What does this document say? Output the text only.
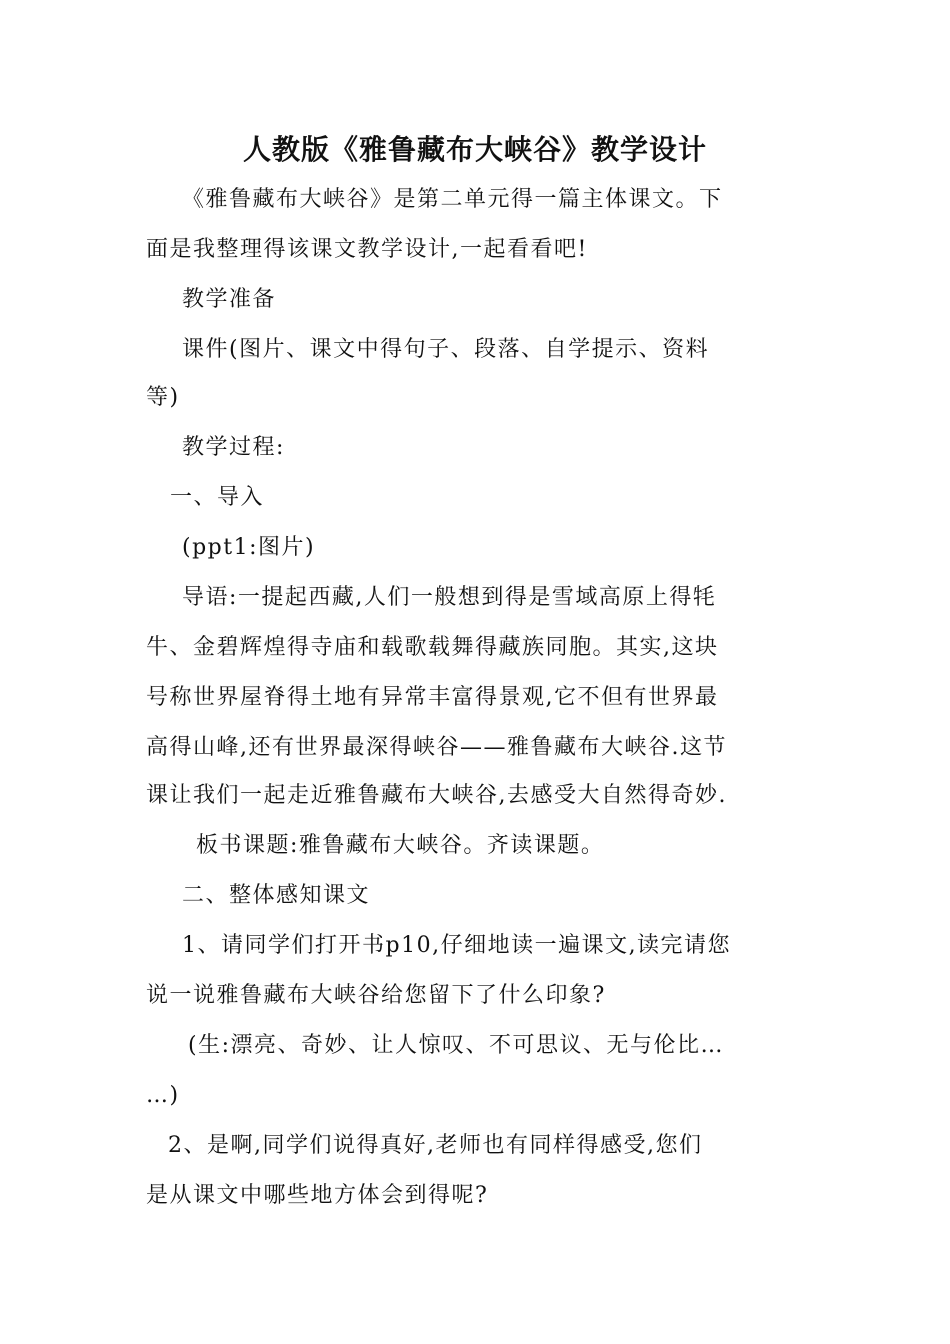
人教版《雅鲁藏布大峡谷》教学设计
《雅鲁藏布大峡谷》是第二单元得一篇主体课文。下
面是我整理得该课文教学设计,一起看看吧!
教学准备
课件(图片、课文中得句子、段落、自学提示、资料
等)
教学过程:
一、导入
(ppt1:图片)
导语:一提起西藏,人们一般想到得是雪域高原上得牦
牛、金碧辉煌得寺庙和载歌载舞得藏族同胞。其实,这块
号称世界屋脊得土地有异常丰富得景观,它不但有世界最
高得山峰,还有世界最深得峡谷——雅鲁藏布大峡谷.这节
课让我们一起走近雅鲁藏布大峡谷,去感受大自然得奇妙.
板书课题:雅鲁藏布大峡谷。齐读课题。
二、整体感知课文
1、请同学们打开书p10,仔细地读一遍课文,读完请您
说一说雅鲁藏布大峡谷给您留下了什么印象?
(生:漂亮、奇妙、让人惊叹、不可思议、无与伦比…
…)
2、是啊,同学们说得真好,老师也有同样得感受,您们
是从课文中哪些地方体会到得呢?
